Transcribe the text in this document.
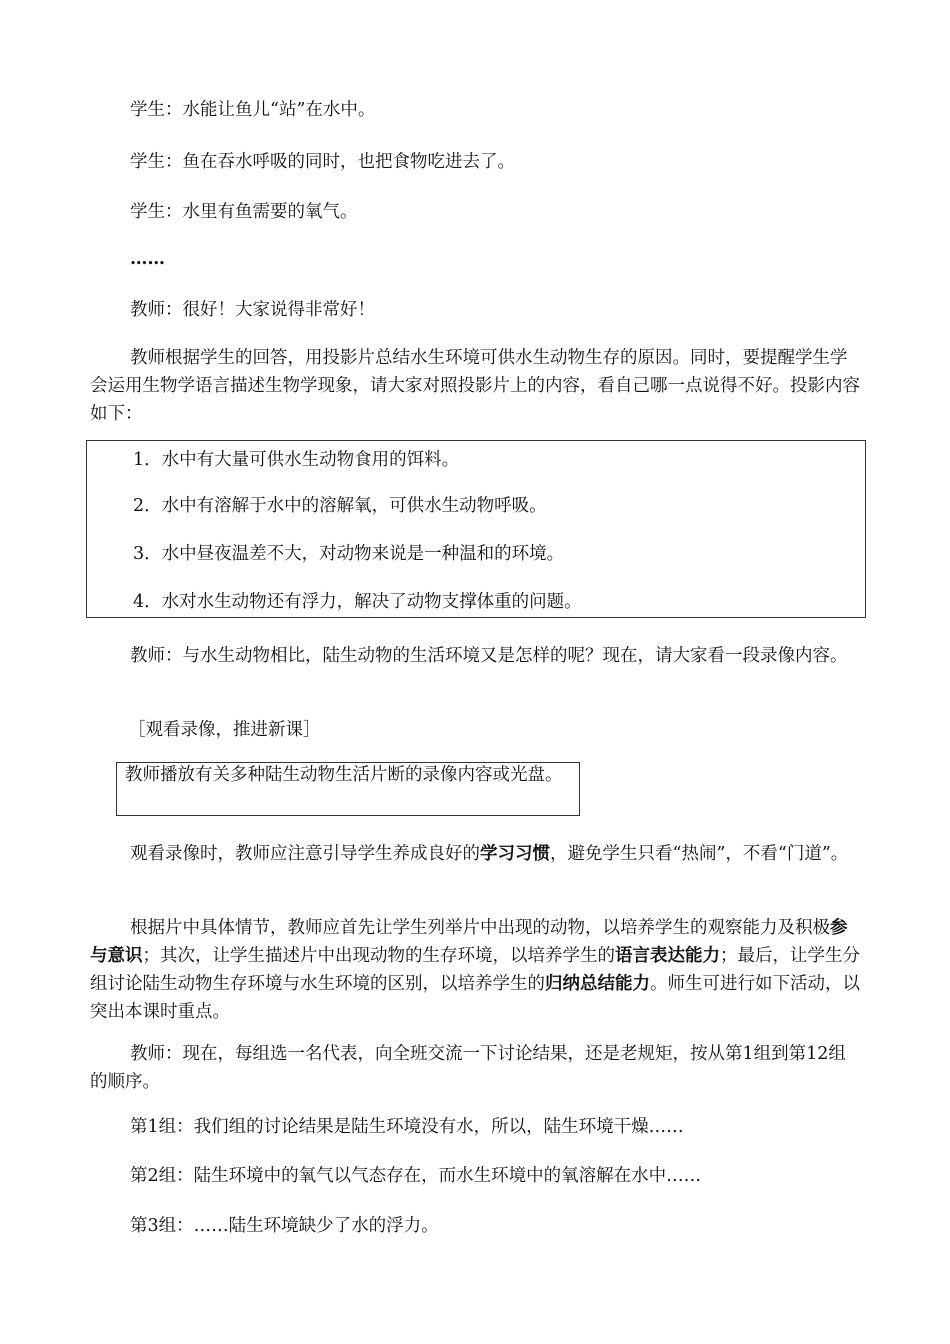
学生：水能让鱼儿“站”在水中。

学生：鱼在吞水呼吸的同时，也把食物吃进去了。

学生：水里有鱼需要的氧气。

……

教师：很好！大家说得非常好！

教师根据学生的回答，用投影片总结水生环境可供水生动物生存的原因。同时，要提醒学生学会运用生物学语言描述生物学现象，请大家对照投影片上的内容，看自己哪一点说得不好。投影内容如下：

1．水中有大量可供水生动物食用的饵料。

2．水中有溶解于水中的溶解氧，可供水生动物呼吸。

3．水中昼夜温差不大，对动物来说是一种温和的环境。

4．水对水生动物还有浮力，解决了动物支撑体重的问题。

教师：与水生动物相比，陆生动物的生活环境又是怎样的呢？现在，请大家看一段录像内容。

［观看录像，推进新课］

教师播放有关多种陆生动物生活片断的录像内容或光盘。

观看录像时，教师应注意引导学生养成良好的学习习惯，避免学生只看“热闹”，不看“门道”。

根据片中具体情节，教师应首先让学生列举片中出现的动物，以培养学生的观察能力及积极参与意识；其次，让学生描述片中出现动物的生存环境，以培养学生的语言表达能力；最后，让学生分组讨论陆生动物生存环境与水生环境的区别，以培养学生的归纳总结能力。师生可进行如下活动，以突出本课时重点。

教师：现在，每组选一名代表，向全班交流一下讨论结果，还是老规矩，按从第1组到第12组的顺序。

第1组：我们组的讨论结果是陆生环境没有水，所以，陆生环境干燥……

第2组：陆生环境中的氧气以气态存在，而水生环境中的氧溶解在水中……

第3组：……陆生环境缺少了水的浮力。
